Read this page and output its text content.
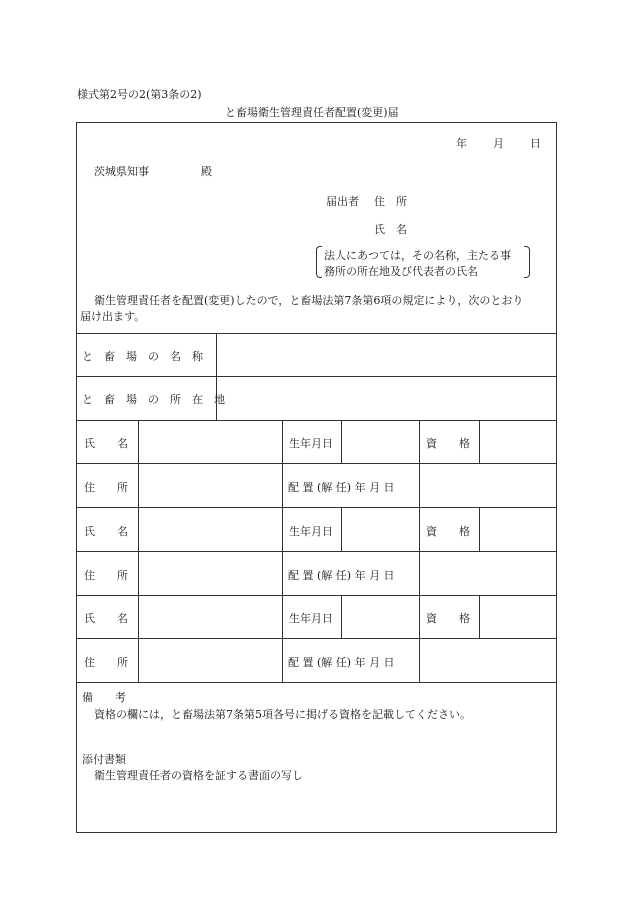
様式第2号の2(第3条の2)
と畜場衛生管理責任者配置(変更)届
年 月 日
茨城県知事	殿
届出者 住　所
氏　名
法人にあつては，その名称，主たる事
務所の所在地及び代表者の氏名
衛生管理責任者を配置(変更)したので，と畜場法第7条第6項の規定により，次のとおり
届け出ます。
と　畜　場　の　名　称
と　畜　場　の　所　在　地
氏　　名	生年月日	資　　格
住　　所	配 置 (解 任) 年 月 日
氏　　名	生年月日	資　　格
住　　所	配 置 (解 任) 年 月 日
氏　　名	生年月日	資　　格
住　　所	配 置 (解 任) 年 月 日
備　　考
資格の欄には，と畜場法第7条第5項各号に掲げる資格を記載してください。
添付書類
衛生管理責任者の資格を証する書面の写し
